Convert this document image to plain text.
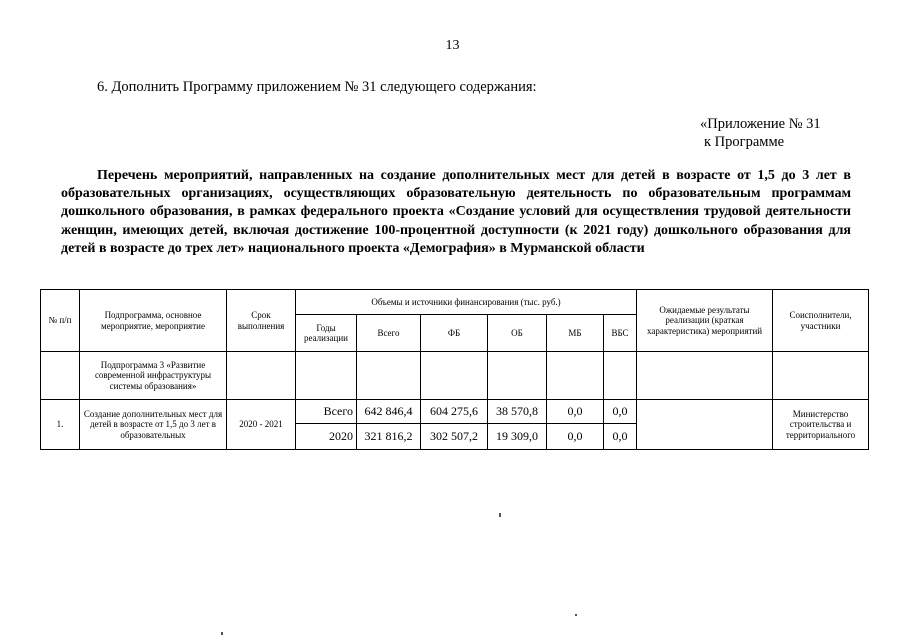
13
6. Дополнить Программу приложением № 31 следующего содержания:
«Приложение № 31
к Программе
Перечень мероприятий, направленных на создание дополнительных мест для детей в возрасте от 1,5 до 3 лет в образовательных организациях, осуществляющих образовательную деятельность по образовательным программам дошкольного образования, в рамках федерального проекта «Создание условий для осуществления трудовой деятельности женщин, имеющих детей, включая достижение 100-процентной доступности (к 2021 году) дошкольного образования для детей в возрасте до трех лет» национального проекта «Демография» в Мурманской области
№ п/п	Подпрограмма, основное мероприятие, мероприятие	Срок выполнения	Объемы и источники финансирования (тыс. руб.)						Ожидаемые результаты реализации (краткая характеристика) мероприятий	Соисполнители, участники
			Годы реализации	Всего	ФБ	ОБ	МБ	ВБС		
	Подпрограмма 3 «Развитие современной инфраструктуры системы образования»									
1.	Создание дополнительных мест для детей в возрасте от 1,5 до 3 лет в образовательных	2020 - 2021	Всего	642 846,4	604 275,6	38 570,8	0,0	0,0		Министерство строительства и территориального
			2020	321 816,2	302 507,2	19 309,0	0,0	0,0		
